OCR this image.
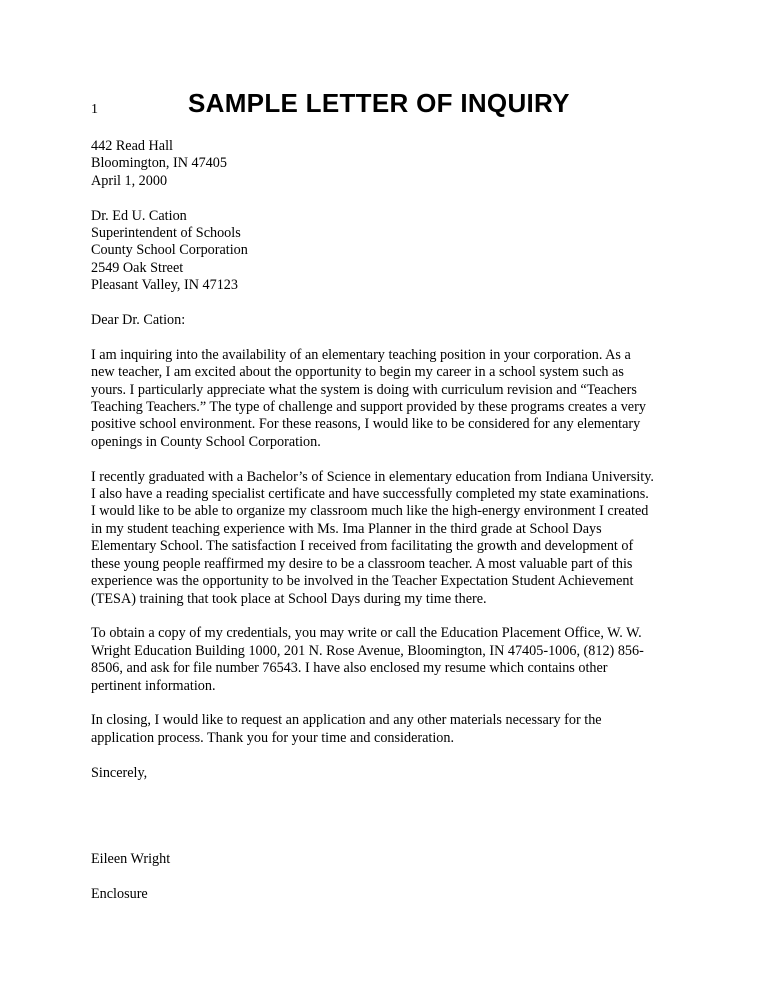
1	SAMPLE LETTER OF INQUIRY
442 Read Hall
Bloomington, IN 47405
April 1, 2000
Dr. Ed U. Cation
Superintendent of Schools
County School Corporation
2549 Oak Street
Pleasant Valley, IN 47123
Dear Dr. Cation:
I am inquiring into the availability of an elementary teaching position in your corporation. As a
new teacher, I am excited about the opportunity to begin my career in a school system such as
yours. I particularly appreciate what the system is doing with curriculum revision and “Teachers
Teaching Teachers.” The type of challenge and support provided by these programs creates a very
positive school environment. For these reasons, I would like to be considered for any elementary
openings in County School Corporation.
I recently graduated with a Bachelor’s of Science in elementary education from Indiana University.
I also have a reading specialist certificate and have successfully completed my state examinations.
I would like to be able to organize my classroom much like the high-energy environment I created
in my student teaching experience with Ms. Ima Planner in the third grade at School Days
Elementary School. The satisfaction I received from facilitating the growth and development of
these young people reaffirmed my desire to be a classroom teacher. A most valuable part of this
experience was the opportunity to be involved in the Teacher Expectation Student Achievement
(TESA) training that took place at School Days during my time there.
To obtain a copy of my credentials, you may write or call the Education Placement Office, W. W.
Wright Education Building 1000, 201 N. Rose Avenue, Bloomington, IN 47405-1006, (812) 856-
8506, and ask for file number 76543. I have also enclosed my resume which contains other
pertinent information.
In closing, I would like to request an application and any other materials necessary for the
application process. Thank you for your time and consideration.
Sincerely,
Eileen Wright
Enclosure
